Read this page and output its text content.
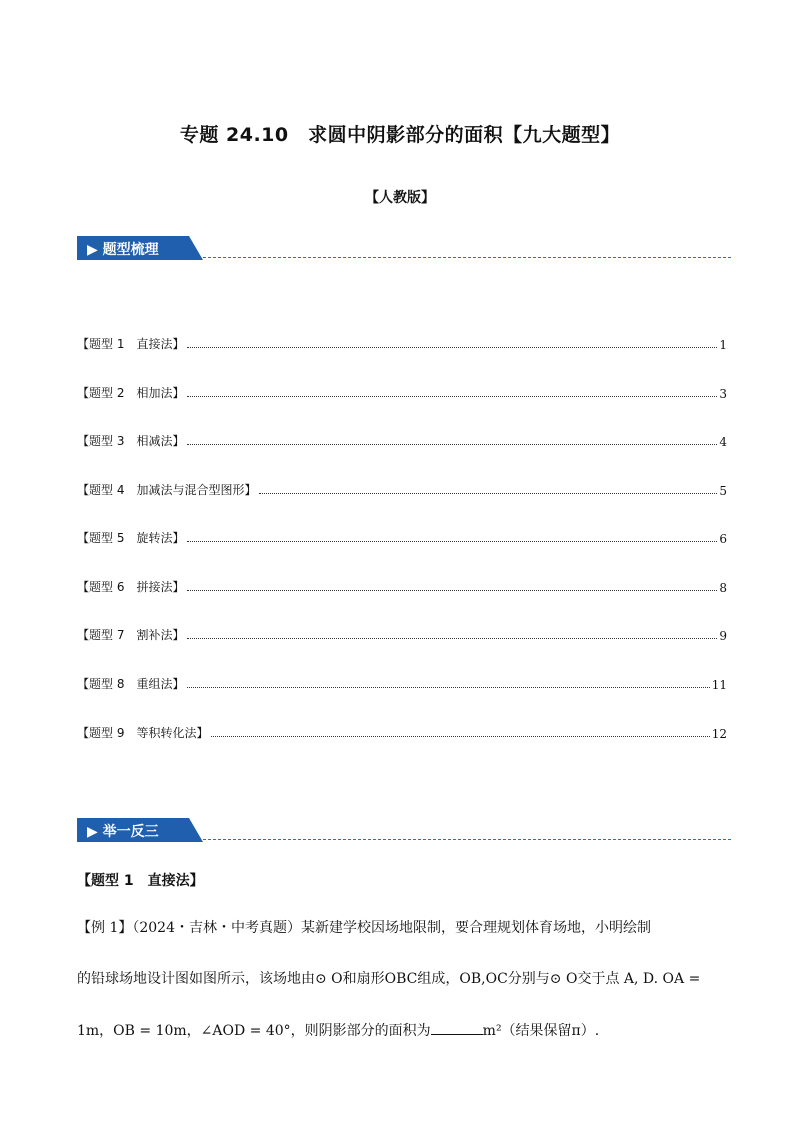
专题 24.10　求圆中阴影部分的面积【九大题型】
【人教版】
▶ 题型梳理
【题型 1　直接法】	1
【题型 2　相加法】	3
【题型 3　相减法】	4
【题型 4　加减法与混合型图形】	5
【题型 5　旋转法】	6
【题型 6　拼接法】	8
【题型 7　割补法】	9
【题型 8　重组法】	11
【题型 9　等积转化法】	12
▶ 举一反三
【题型 1　直接法】
【例 1】（2024・吉林・中考真题）某新建学校因场地限制，要合理规划体育场地，小明绘制
的铅球场地设计图如图所示，该场地由⊙ O和扇形OBC组成，OB,OC分别与⊙ O交于点 A, D. OA =
1m，OB = 10m，∠AOD = 40°，则阴影部分的面积为	m²（结果保留π）.
